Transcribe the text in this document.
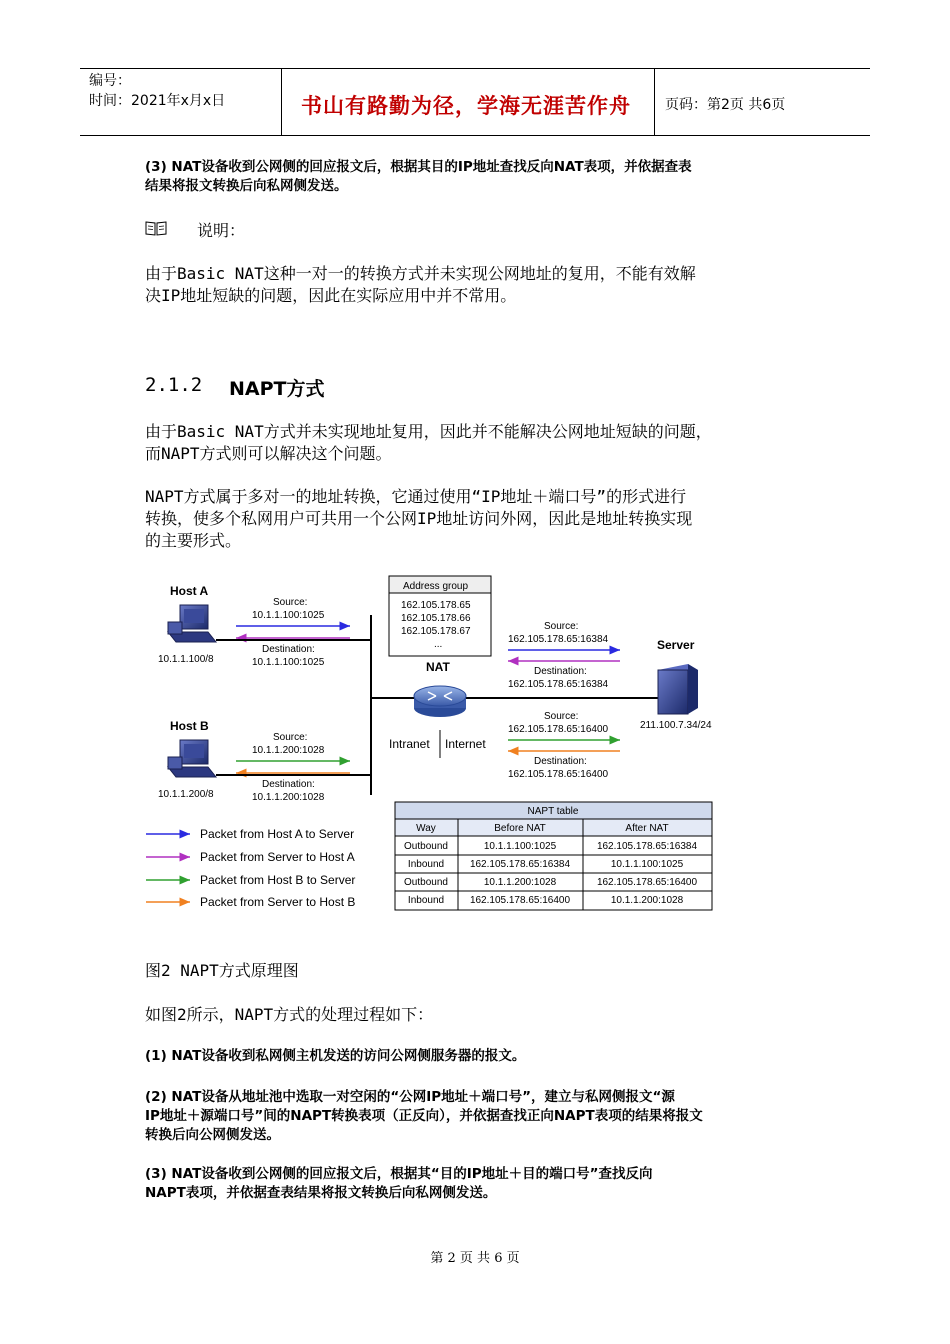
编号：
时间：2021年x月x日	书山有路勤为径，学海无涯苦作舟 页码：第2页 共6页
(3) NAT设备收到公网侧的回应报文后，根据其目的IP地址查找反向NAT表项，并依据查表
结果将报文转换后向私网侧发送。
说明：
由于Basic NAT这种一对一的转换方式并未实现公网地址的复用，不能有效解
决IP地址短缺的问题，因此在实际应用中并不常用。
2.1.2 NAPT方式
由于Basic NAT方式并未实现地址复用，因此并不能解决公网地址短缺的问题，
而NAPT方式则可以解决这个问题。
NAPT方式属于多对一的地址转换，它通过使用“IP地址＋端口号”的形式进行
转换，使多个私网用户可共用一个公网IP地址访问外网，因此是地址转换实现
的主要形式。
Host A
10.1.1.100/8
Source:
10.1.1.100:1025
Destination:
10.1.1.100:1025
Host B
10.1.1.200/8
Source:
10.1.1.200:1028
Destination:
10.1.1.200:1028
Address group
162.105.178.65
162.105.178.66
162.105.178.67
...
NAT
Intranet Internet
Source:
162.105.178.65:16384
Destination:
162.105.178.65:16384
Source:
162.105.178.65:16400
Destination:
162.105.178.65:16400
Server
211.100.7.34/24
Packet from Host A to Server
Packet from Server to Host A
Packet from Host B to Server
Packet from Server to Host B
NAPT table
Way	Before NAT	After NAT
Outbound	10.1.1.100:1025	162.105.178.65:16384
Inbound	162.105.178.65:16384	10.1.1.100:1025
Outbound	10.1.1.200:1028	162.105.178.65:16400
Inbound	162.105.178.65:16400	10.1.1.200:1028
图2 NAPT方式原理图
如图2所示，NAPT方式的处理过程如下：
(1) NAT设备收到私网侧主机发送的访问公网侧服务器的报文。
(2) NAT设备从地址池中选取一对空闲的“公网IP地址＋端口号”，建立与私网侧报文“源
IP地址＋源端口号”间的NAPT转换表项（正反向），并依据查找正向NAPT表项的结果将报文
转换后向公网侧发送。
(3) NAT设备收到公网侧的回应报文后，根据其“目的IP地址＋目的端口号”查找反向
NAPT表项，并依据查表结果将报文转换后向私网侧发送。
第 2 页 共 6 页
